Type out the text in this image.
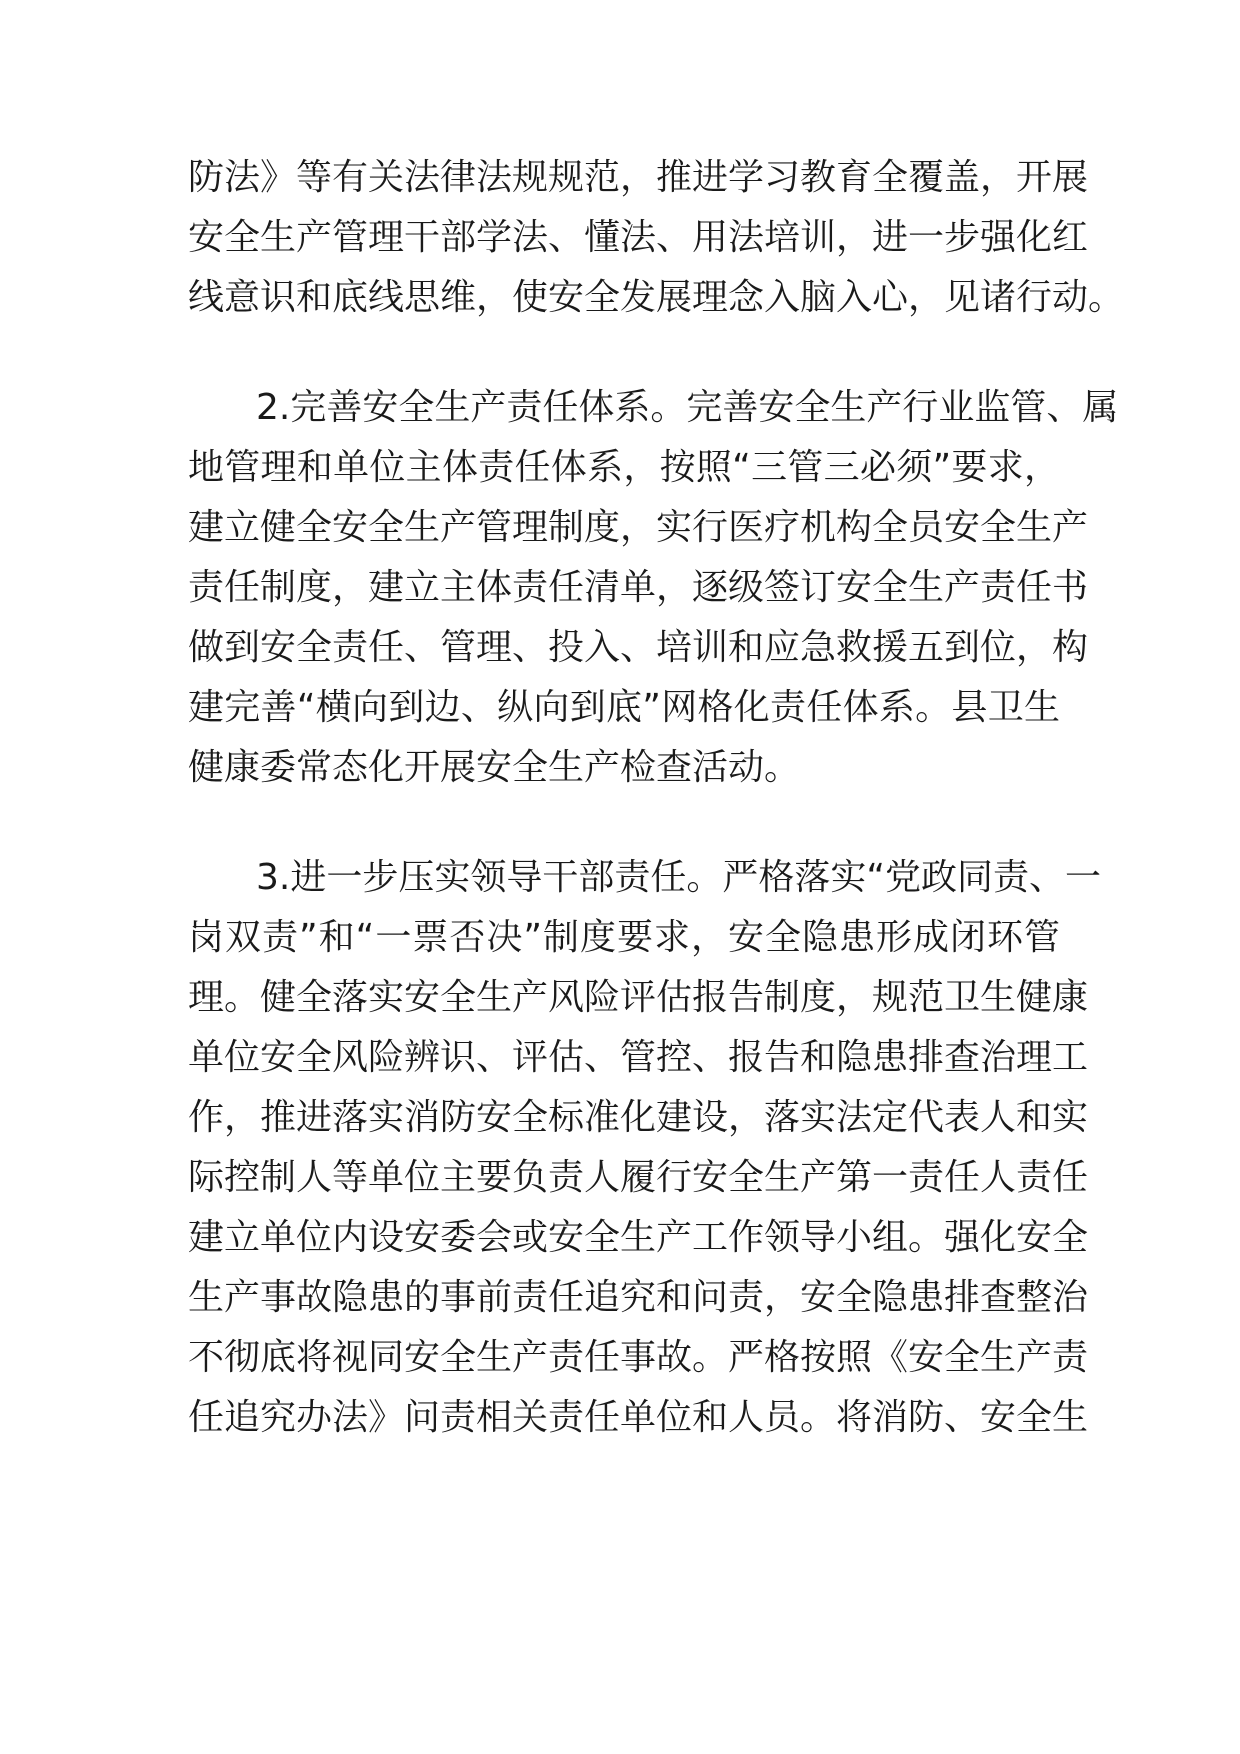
防法》等有关法律法规规范，推进学习教育全覆盖，开展
安全生产管理干部学法、懂法、用法培训，进一步强化红
线意识和底线思维，使安全发展理念入脑入心，见诸行动。
2.完善安全生产责任体系。完善安全生产行业监管、属
地管理和单位主体责任体系，按照“三管三必须”要求，
建立健全安全生产管理制度，实行医疗机构全员安全生产
责任制度，建立主体责任清单，逐级签订安全生产责任书
做到安全责任、管理、投入、培训和应急救援五到位，构
建完善“横向到边、纵向到底”网格化责任体系。县卫生
健康委常态化开展安全生产检查活动。
3.进一步压实领导干部责任。严格落实“党政同责、一
岗双责”和“一票否决”制度要求，安全隐患形成闭环管
理。健全落实安全生产风险评估报告制度，规范卫生健康
单位安全风险辨识、评估、管控、报告和隐患排查治理工
作，推进落实消防安全标准化建设，落实法定代表人和实
际控制人等单位主要负责人履行安全生产第一责任人责任
建立单位内设安委会或安全生产工作领导小组。强化安全
生产事故隐患的事前责任追究和问责，安全隐患排查整治
不彻底将视同安全生产责任事故。严格按照《安全生产责
任追究办法》问责相关责任单位和人员。将消防、安全生
